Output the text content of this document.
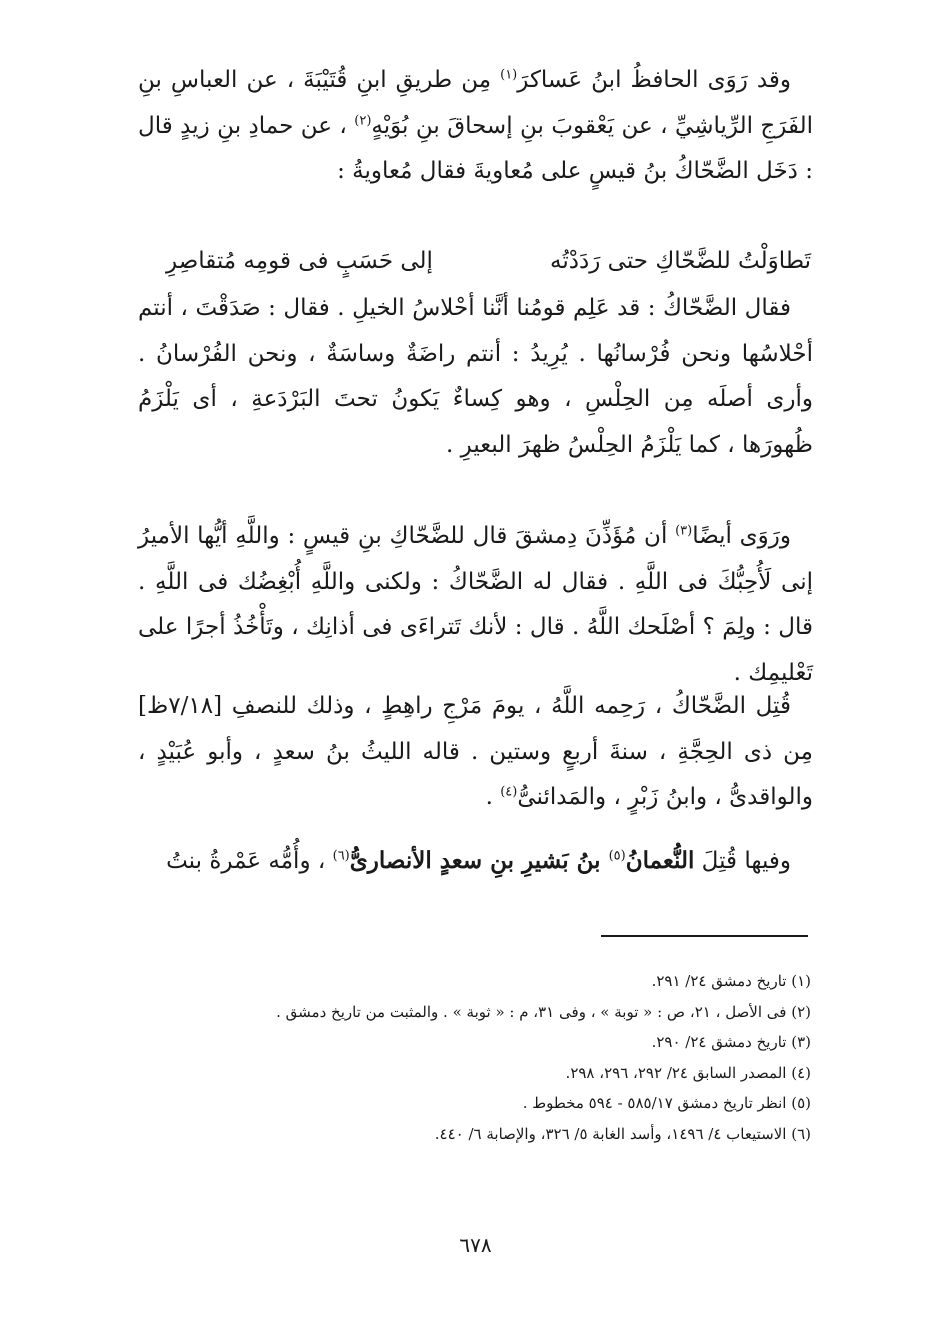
وقد رَوَى الحافظُ ابنُ عَساكرَ$^{(١)}$ مِن طريقِ ابنِ قُتَيْبَةَ ، عن العباسِ بنِ الفَرَجِ الرِّياشِيِّ ، عن يَعْقوبَ بنِ إسحاقَ بنِ بُوَيْهٍ$^{(٢)}$ ، عن حمادِ بنِ زيدٍ قال : دَخَل الضَّحّاكُ بنُ قيسٍ على مُعاويةَ فقال مُعاويةُ :

تَطاوَلْتُ للضَّحّاكِ حتى رَدَدْتُه
إلى حَسَبٍ فى قومِه مُتقاصِرِ

فقال الضَّحّاكُ : قد عَلِم قومُنا أنَّنا أحْلاسُ الخيلِ . فقال : صَدَقْتَ ، أنتم أحْلاسُها ونحن فُرْسانُها . يُرِيدُ : أنتم راضَةٌ وساسَةٌ ، ونحن الفُرْسانُ . وأرى أصلَه مِن الحِلْسِ ، وهو كِساءٌ يَكونُ تحتَ البَرْدَعةِ ، أى يَلْزَمُ ظُهورَها ، كما يَلْزَمُ الحِلْسُ ظهرَ البعيرِ .

ورَوَى أيضًا$^{(٣)}$ أن مُؤَذِّنَ دِمشقَ قال للضَّحّاكِ بنِ قيسٍ : واللَّهِ أيُّها الأميرُ إنى لَأُحِبُّكَ فى اللَّهِ . فقال له الضَّحّاكُ : ولكنى واللَّهِ أُبْغِضُك فى اللَّهِ . قال : ولِمَ ؟ أصْلَحك اللَّهُ . قال : لأنك تَتراءَى فى أذانِك ، وتَأْخُذُ أجرًا على تَعْليمِك .

قُتِل الضَّحّاكُ ، رَحِمه اللَّهُ ، يومَ مَرْجِ راهِطٍ ، وذلك للنصفِ [٧/١٨ظ] مِن ذى الحِجَّةِ ، سنةَ أربعٍ وستين . قاله الليثُ بنُ سعدٍ ، وأبو عُبَيْدٍ ، والواقدىُّ ، وابنُ زَبْرٍ ، والمَدائنىُّ$^{(٤)}$ .

وفيها قُتِلَ النُّعمانُ$^{(٥)}$ بنُ بَشيرِ بنِ سعدٍ الأنصارىُّ$^{(٦)}$ ، وأُمُّه عَمْرةُ بنتُ

(١) تاريخ دمشق ٢٤/ ٢٩١.
(٢) فى الأصل ، ٢١، ص : « توبة » ، وفى ٣١، م : « ثوبة » . والمثبت من تاريخ دمشق .
(٣) تاريخ دمشق ٢٤/ ٢٩٠.
(٤) المصدر السابق ٢٤/ ٢٩٢، ٢٩٦، ٢٩٨.
(٥) انظر تاريخ دمشق ٥٨٥/١٧ - ٥٩٤ مخطوط .
(٦) الاستيعاب ٤/ ١٤٩٦، وأسد الغابة ٥/ ٣٢٦، والإصابة ٦/ ٤٤٠.
٦٧٨
